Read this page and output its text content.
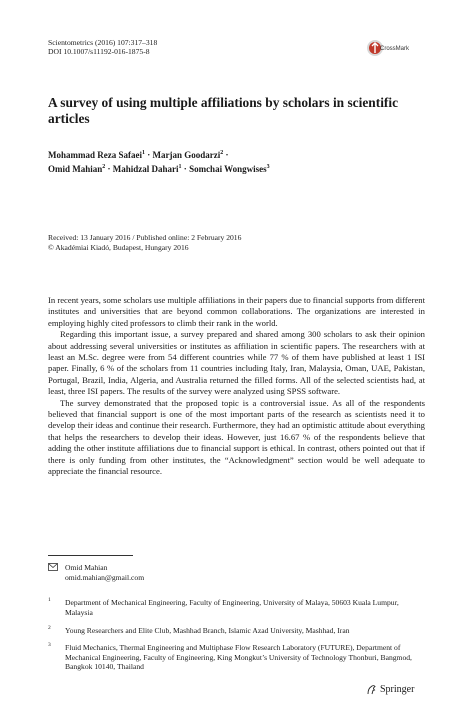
Scientometrics (2016) 107:317–318
DOI 10.1007/s11192-016-1875-8	CrossMark
A survey of using multiple affiliations by scholars in scientific articles
Mohammad Reza Safaei$^1$ · Marjan Goodarzi$^2$ ·
Omid Mahian$^2$ · Mahidzal Dahari$^1$ · Somchai Wongwises$^3$
Received: 13 January 2016 / Published online: 2 February 2016
© Akadémiai Kiadó, Budapest, Hungary 2016

In recent years, some scholars use multiple affiliations in their papers due to financial supports from different institutes and universities that are beyond common collaborations. The organizations are interested in employing highly cited professors to climb their rank in the world.

Regarding this important issue, a survey prepared and shared among 300 scholars to ask their opinion about addressing several universities or institutes as affiliation in scientific papers. The researchers with at least an M.Sc. degree were from 54 different countries while 77 % of them have published at least 1 ISI paper. Finally, 6 % of the scholars from 11 countries including Italy, Iran, Malaysia, Oman, UAE, Pakistan, Portugal, Brazil, India, Algeria, and Australia returned the filled forms. All of the selected scientists had, at least, three ISI papers. The results of the survey were analyzed using SPSS software.

The survey demonstrated that the proposed topic is a controversial issue. As all of the respondents believed that financial support is one of the most important parts of the research as scientists need it to develop their ideas and continue their research. Furthermore, they had an optimistic attitude about everything that helps the researchers to develop their ideas. However, just 16.67 % of the respondents believe that adding the other institute affiliations due to financial support is ethical. In contrast, others pointed out that if there is only funding from other institutes, the “Acknowledgment” section would be well adequate to appreciate the financial resource.

Omid Mahian
omid.mahian@gmail.com
1 Department of Mechanical Engineering, Faculty of Engineering, University of Malaya, 50603 Kuala Lumpur, Malaysia
2 Young Researchers and Elite Club, Mashhad Branch, Islamic Azad University, Mashhad, Iran
3 Fluid Mechanics, Thermal Engineering and Multiphase Flow Research Laboratory (FUTURE), Department of Mechanical Engineering, Faculty of Engineering, King Mongkut’s University of Technology Thonburi, Bangmod, Bangkok 10140, Thailand
Springer
